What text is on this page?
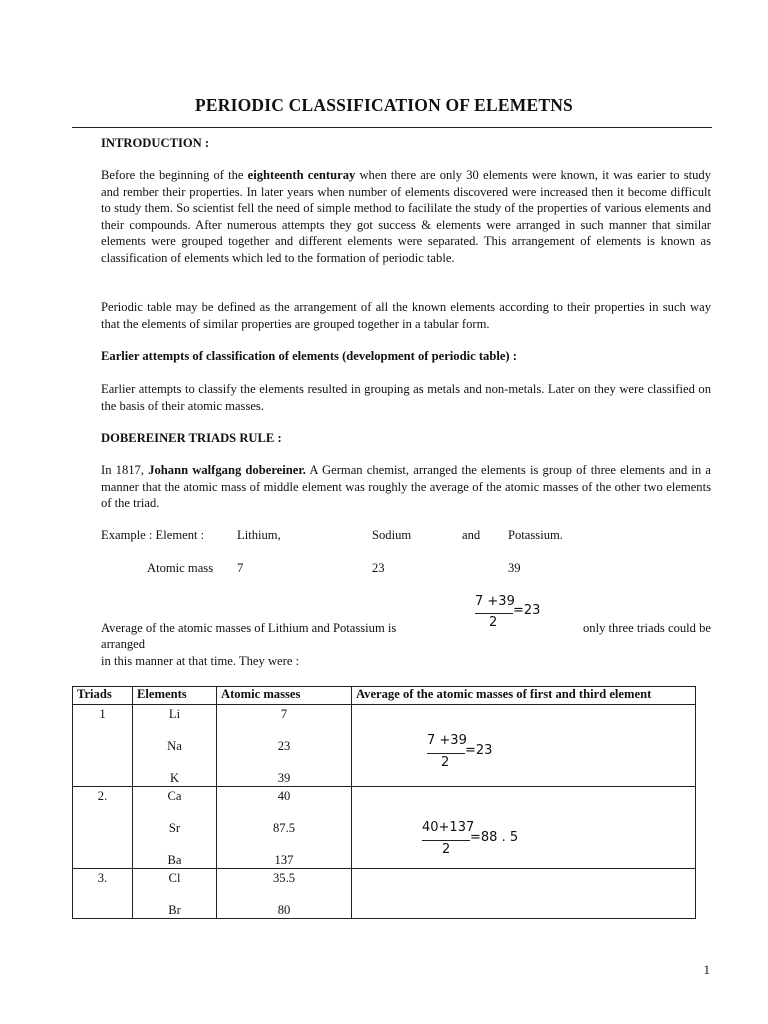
PERIODIC CLASSIFICATION OF ELEMETNS
INTRODUCTION :
Before the beginning of the eighteenth centuray when there are only 30 elements were known, it was earier to study and rember their properties. In later years when number of elements discovered were increased then it become difficult to study them. So scientist fell the need of simple method to facililate the study of the properties of various elements and their compounds. After numerous attempts they got success & elements were arranged in such manner that similar elements were grouped together and different elements were separated. This arrangement of elements is known as classification of elements which led to the formation of periodic table.
Periodic table may be defined as the arrangement of all the known elements according to their properties in such way that the elements of similar properties are grouped together in a tabular form.
Earlier attempts of classification of elements (development of periodic table) :
Earlier attempts to classify the elements resulted in grouping as metals and non-metals. Later on they were classified on the basis of their atomic masses.
DOBEREINER TRIADS RULE :
In 1817, Johann walfgang dobereiner. A German chemist, arranged the elements is group of three elements and in a manner that the atomic mass of middle element was roughly the average of the atomic masses of the other two elements of the triad.
Example : Element :	Lithium,	Sodium	and Potassium.
Atomic mass 7	23	39
7 +39
2
=23
Average of the atomic masses of Lithium and Potassium is	only three triads could be
arranged
in this manner at that time. They were :
Triads	Elements	Atomic masses	Average of the atomic masses of first and third element

1	Li
Na
K	7
23
39	7 +39
2
=23

2.	Ca
Sr
Ba	40
87.5
137	40+137
2
=88 . 5

3.	Cl
Br	35.5
80	

1
